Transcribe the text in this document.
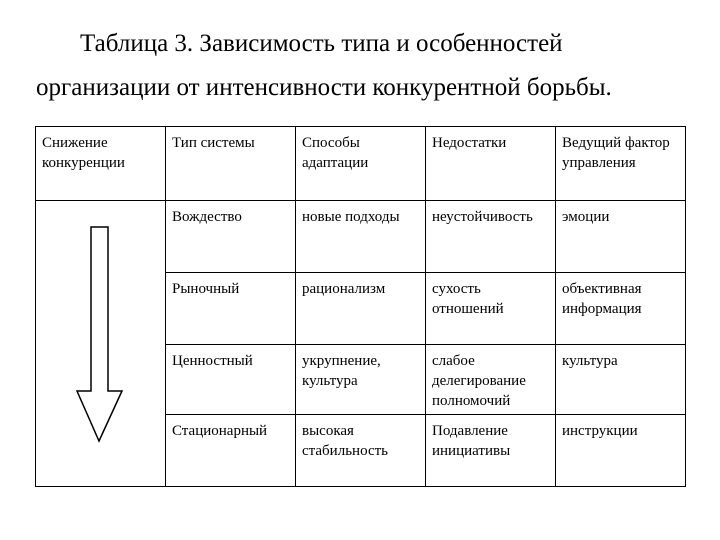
Таблица 3. Зависимость типа и особенностей
организации от интенсивности конкурентной борьбы.
Снижение конкуренции	Тип системы	Способы адаптации	Недостатки	Ведущий фактор управления

	Вождество	новые подходы	неустойчивость	эмоции
	Рыночный	рационализм	сухость отношений	объективная информация
	Ценностный	укрупнение, культура	слабое делегирование полномочий	культура
	Стационарный	высокая стабильность	Подавление инициативы	инструкции
